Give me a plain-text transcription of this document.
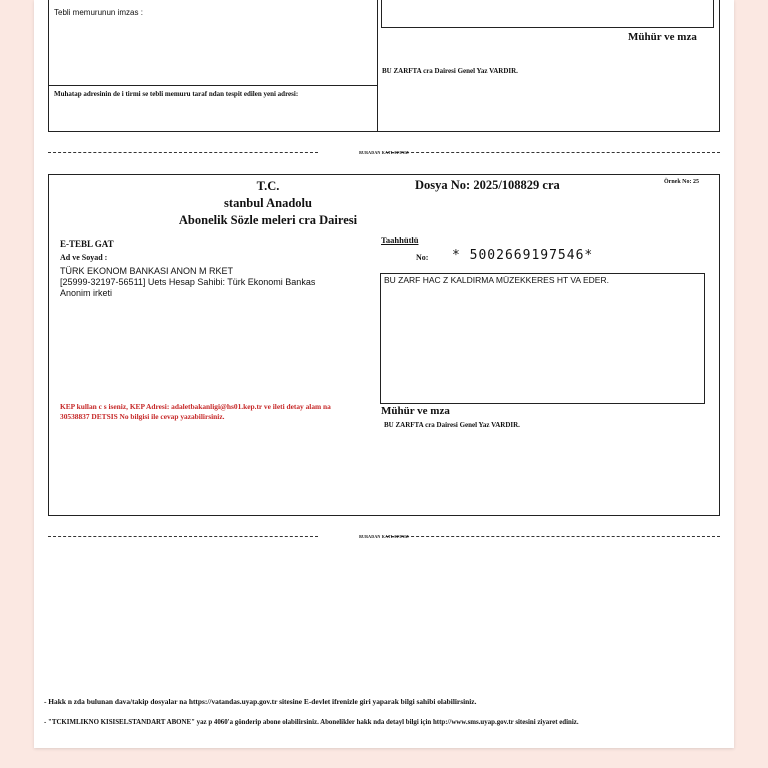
Tebli memurunun imzas :
Mühür ve mza
BU ZARFTA cra Dairesi Genel Yaz VARDIR.
Muhatap adresinin de i tirmi se tebli memuru taraf ndan tespit edilen yeni adresi:
BURADAN KATLAYINIZ
T.C.
stanbul Anadolu
Abonelik Sözle meleri cra Dairesi
Dosya No: 2025/108829 cra	Örnek No: 25
E-TEBL GAT
Ad ve Soyad :
TÜRK EKONOM BANKASI ANON M RKET
[25999-32197-56511] Uets Hesap Sahibi: Türk Ekonomi Bankas
Anonim irketi
Taahhütlü
No: * 5002669197546*
BU ZARF HAC Z KALDIRMA MÜZEKKERES HT VA EDER.
KEP kullan c s iseniz, KEP Adresi: adaletbakanligi@hs01.kep.tr ve ileti detay alam na 30538837 DETSIS No bilgisi ile cevap yazabilirsiniz.	Mühür ve mza
BU ZARFTA cra Dairesi Genel Yaz VARDIR.
BURADAN KATLAYINIZ
- Hakk n zda bulunan dava/takip dosyalar na https://vatandas.uyap.gov.tr sitesine E-devlet ifrenizle giri yaparak bilgi sahibi olabilirsiniz.
- "TCKIMLIKNO KISISELSTANDART ABONE" yaz p 4060'a gönderip abone olabilirsiniz. Abonelikler hakk nda detayl bilgi için http://www.sms.uyap.gov.tr sitesini ziyaret ediniz.
